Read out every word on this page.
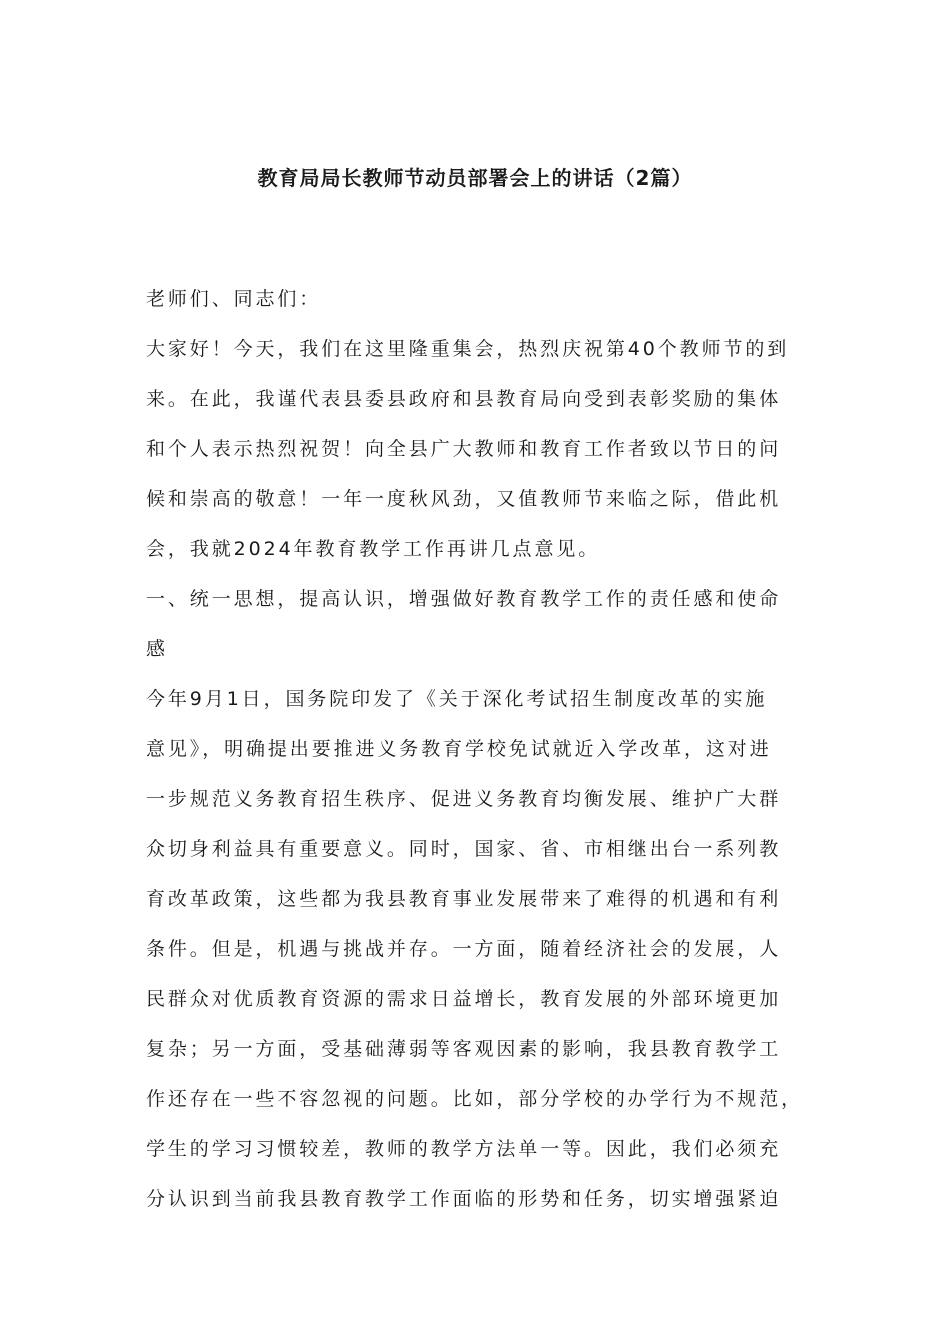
教育局局长教师节动员部署会上的讲话（2篇）
老师们、同志们：
大家好！今天，我们在这里隆重集会，热烈庆祝第40个教师节的到
来。在此，我谨代表县委县政府和县教育局向受到表彰奖励的集体
和个人表示热烈祝贺！向全县广大教师和教育工作者致以节日的问
候和崇高的敬意！一年一度秋风劲，又值教师节来临之际，借此机
会，我就2024年教育教学工作再讲几点意见。
一、统一思想，提高认识，增强做好教育教学工作的责任感和使命
感
今年9月1日，国务院印发了《关于深化考试招生制度改革的实施
意见》，明确提出要推进义务教育学校免试就近入学改革，这对进
一步规范义务教育招生秩序、促进义务教育均衡发展、维护广大群
众切身利益具有重要意义。同时，国家、省、市相继出台一系列教
育改革政策，这些都为我县教育事业发展带来了难得的机遇和有利
条件。但是，机遇与挑战并存。一方面，随着经济社会的发展，人
民群众对优质教育资源的需求日益增长，教育发展的外部环境更加
复杂；另一方面，受基础薄弱等客观因素的影响，我县教育教学工
作还存在一些不容忽视的问题。比如，部分学校的办学行为不规范，
学生的学习习惯较差，教师的教学方法单一等。因此，我们必须充
分认识到当前我县教育教学工作面临的形势和任务，切实增强紧迫
